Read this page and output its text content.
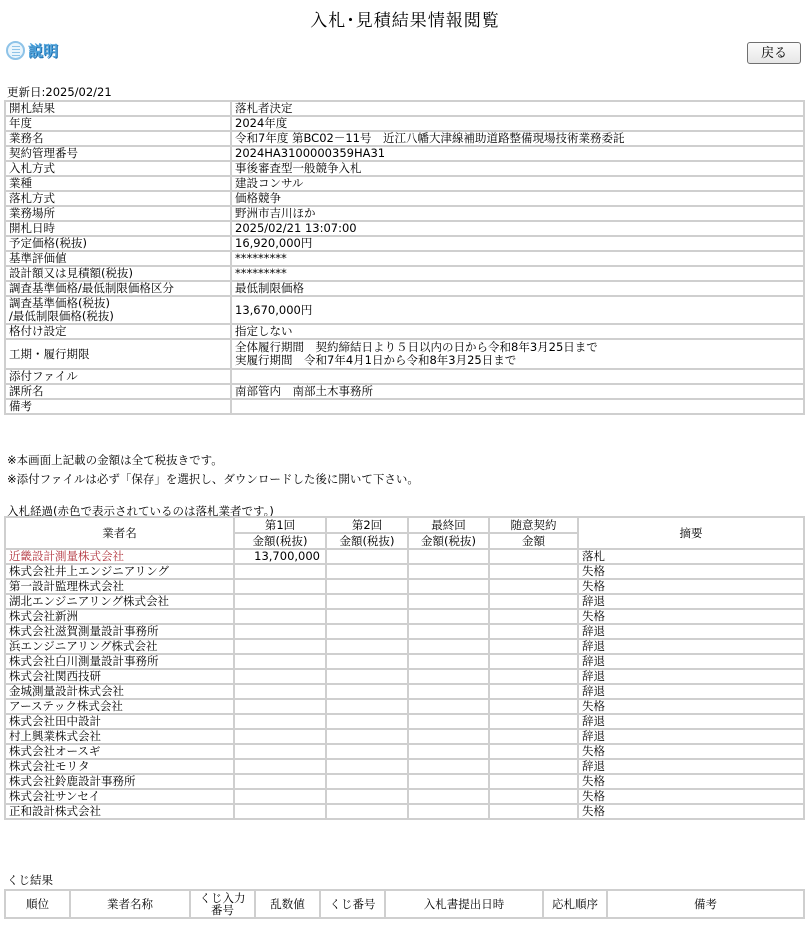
入札･見積結果情報閲覧
説明	戻る
更新日:2025/02/21
開札結果	落札者決定
年度	2024年度
業務名	令和7年度 第BC02－11号　近江八幡大津線補助道路整備現場技術業務委託
契約管理番号	2024HA3100000359HA31
入札方式	事後審査型一般競争入札
業種	建設コンサル
落札方式	価格競争
業務場所	野洲市吉川ほか
開札日時	2025/02/21 13:07:00
予定価格(税抜)	16,920,000円
基準評価値	*********
設計額又は見積額(税抜)	*********
調査基準価格/最低制限価格区分	最低制限価格
調査基準価格(税抜)
/最低制限価格(税抜)	13,670,000円
格付け設定	指定しない
工期・履行期限	全体履行期間　契約締結日より５日以内の日から令和8年3月25日まで
実履行期間　令和7年4月1日から令和8年3月25日まで
添付ファイル	
課所名	南部管内　南部土木事務所
備考	
※本画面上記載の金額は全て税抜きです。
※添付ファイルは必ず「保存」を選択し、ダウンロードした後に開いて下さい。
入札経過(赤色で表示されているのは落札業者です。)
業者名	第1回	第2回	最終回	随意契約	摘要
	金額(税抜)	金額(税抜)	金額(税抜)	金額	
近畿設計測量株式会社	13,700,000				落札
株式会社井上エンジニアリング					失格
第一設計監理株式会社					失格
湖北エンジニアリング株式会社					辞退
株式会社新洲					失格
株式会社滋賀測量設計事務所					辞退
浜エンジニアリング株式会社					辞退
株式会社白川測量設計事務所					辞退
株式会社関西技研					辞退
金城測量設計株式会社					辞退
アーステック株式会社					失格
株式会社田中設計					辞退
村上興業株式会社					辞退
株式会社オースギ					失格
株式会社モリタ					辞退
株式会社鈴鹿設計事務所					失格
株式会社サンセイ					失格
正和設計株式会社					失格
くじ結果
順位	業者名称	くじ入力番号	乱数値	くじ番号	入札書提出日時	応札順序	備考
